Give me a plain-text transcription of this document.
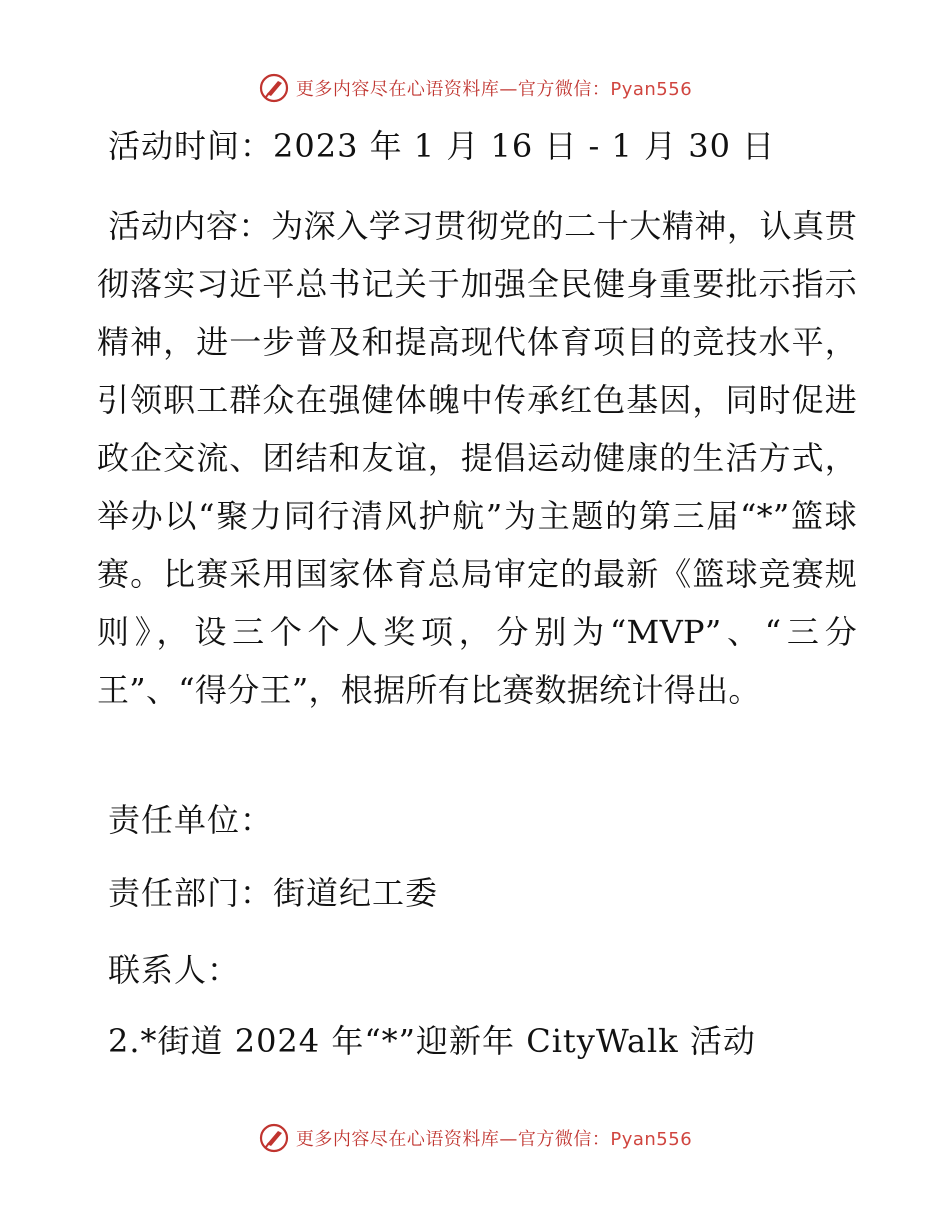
更多内容尽在心语资料库—官方微信：Pyan556
活动时间：2023 年 1 月 16 日 - 1 月 30 日
活动内容：为深入学习贯彻党的二十大精神，认真贯彻落实习近平总书记关于加强全民健身重要批示指示精神，进一步普及和提高现代体育项目的竞技水平，引领职工群众在强健体魄中传承红色基因，同时促进政企交流、团结和友谊，提倡运动健康的生活方式，举办以“聚力同行清风护航”为主题的第三届“*”篮球赛。比赛采用国家体育总局审定的最新《篮球竞赛规则》，设三个个人奖项，分别为“MVP”、“三分王”、“得分王”，根据所有比赛数据统计得出。
责任单位：
责任部门：街道纪工委
联系人：
2.*街道 2024 年“*”迎新年 CityWalk 活动
更多内容尽在心语资料库—官方微信：Pyan556
